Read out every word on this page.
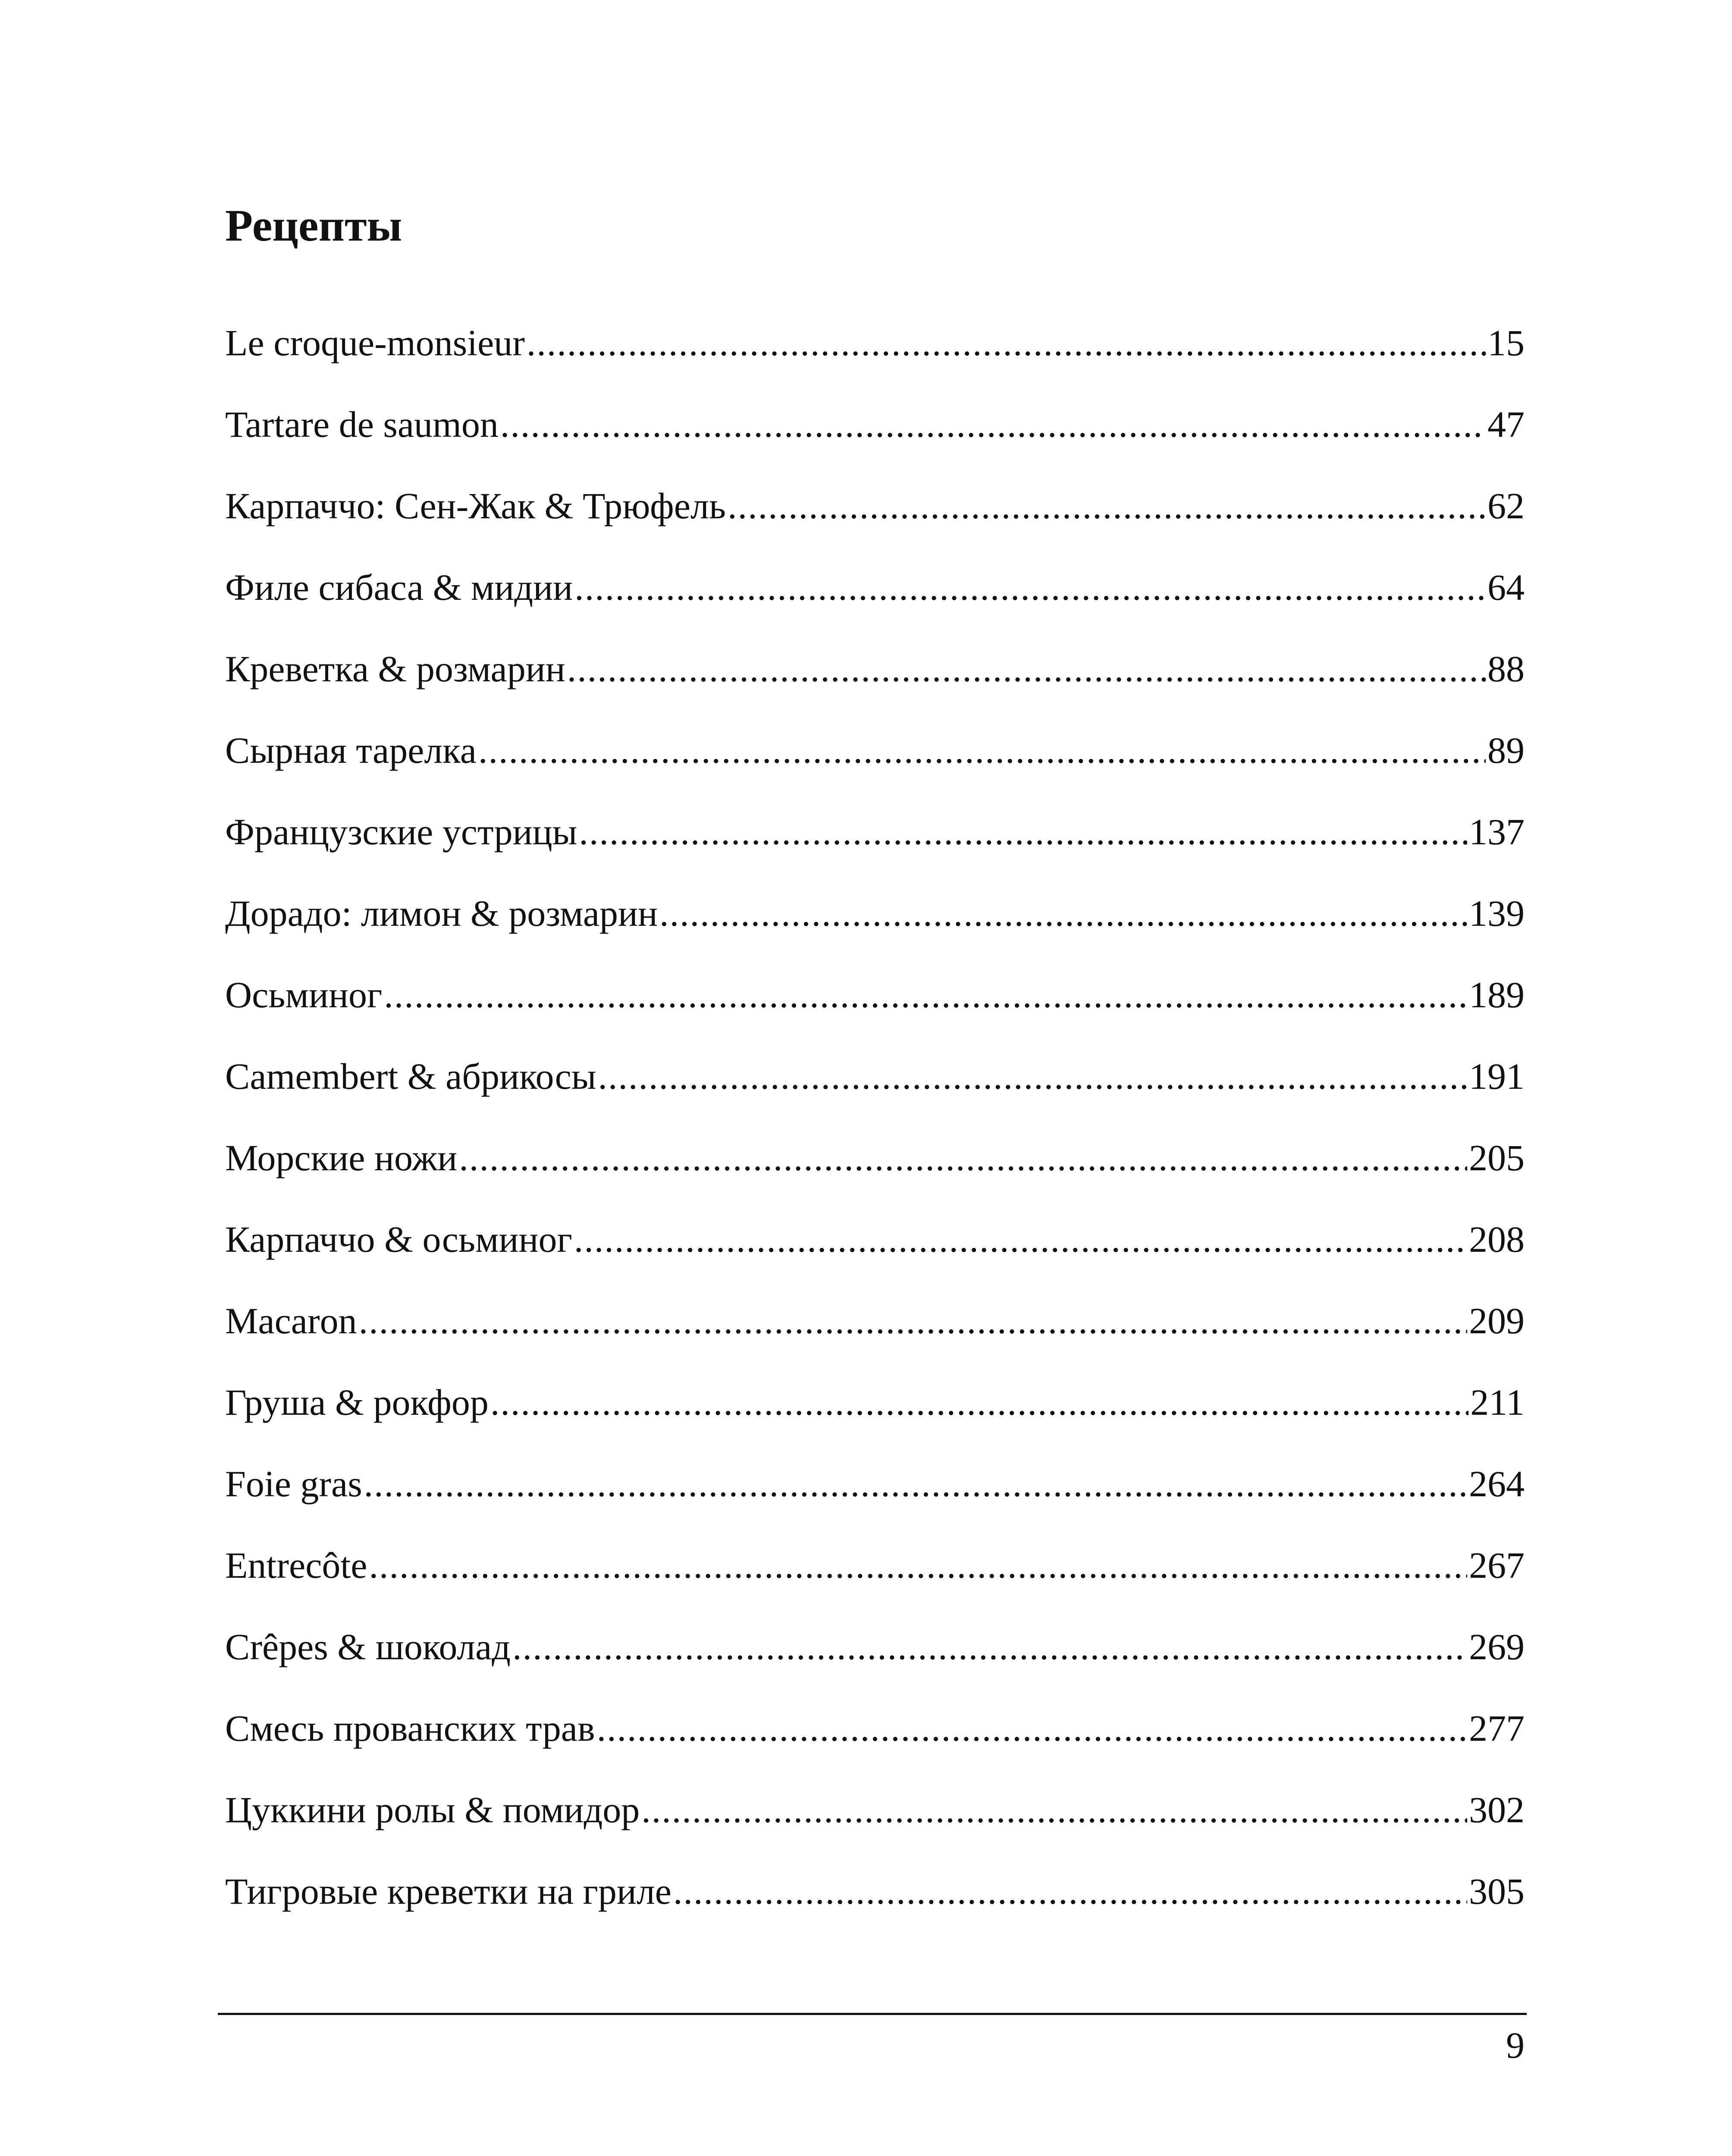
Рецепты
Le croque-monsieur .....	15
Tartare de saumon .....	47
Карпаччо: Сен-Жак & Трюфель .....	62
Филе сибаса & мидии .....	64
Креветка & розмарин .....	88
Сырная тарелка .....	89
Французские устрицы .....	137
Дорадо: лимон & розмарин .....	139
Осьминог .....	189
Camembert & абрикосы .....	191
Морские ножи .....	205
Карпаччо & осьминог .....	208
Macaron .....	209
Груша & рокфор .....	211
Foie gras .....	264
Entrecôte .....	267
Crêpes & шоколад .....	269
Смесь прованских трав .....	277
Цуккини ролы & помидор .....	302
Тигровые креветки на гриле .....	305
9
